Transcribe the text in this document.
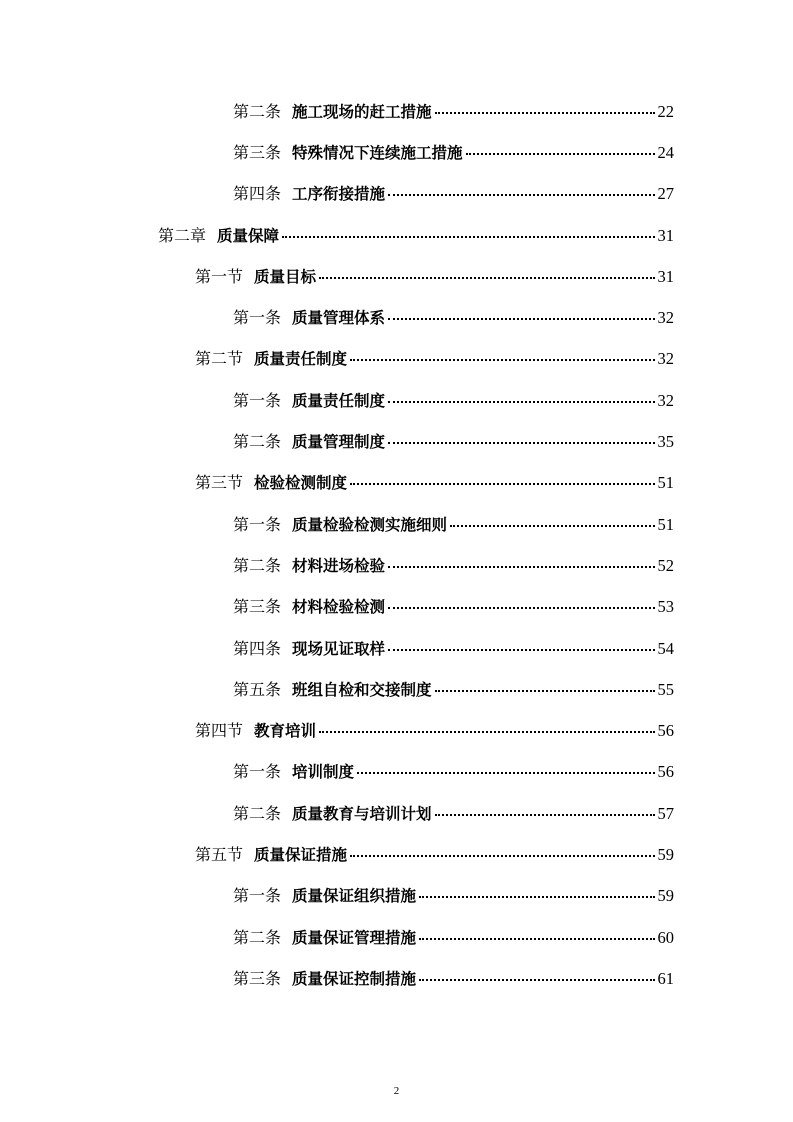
第二条 施工现场的赶工措施	22
第三条 特殊情况下连续施工措施	24
第四条 工序衔接措施	27
第二章 质量保障	31
第一节 质量目标	31
第一条 质量管理体系	32
第二节 质量责任制度	32
第一条 质量责任制度	32
第二条 质量管理制度	35
第三节 检验检测制度	51
第一条 质量检验检测实施细则	51
第二条 材料进场检验	52
第三条 材料检验检测	53
第四条 现场见证取样	54
第五条 班组自检和交接制度	55
第四节 教育培训	56
第一条 培训制度	56
第二条 质量教育与培训计划	57
第五节 质量保证措施	59
第一条 质量保证组织措施	59
第二条 质量保证管理措施	60
第三条 质量保证控制措施	61
2
